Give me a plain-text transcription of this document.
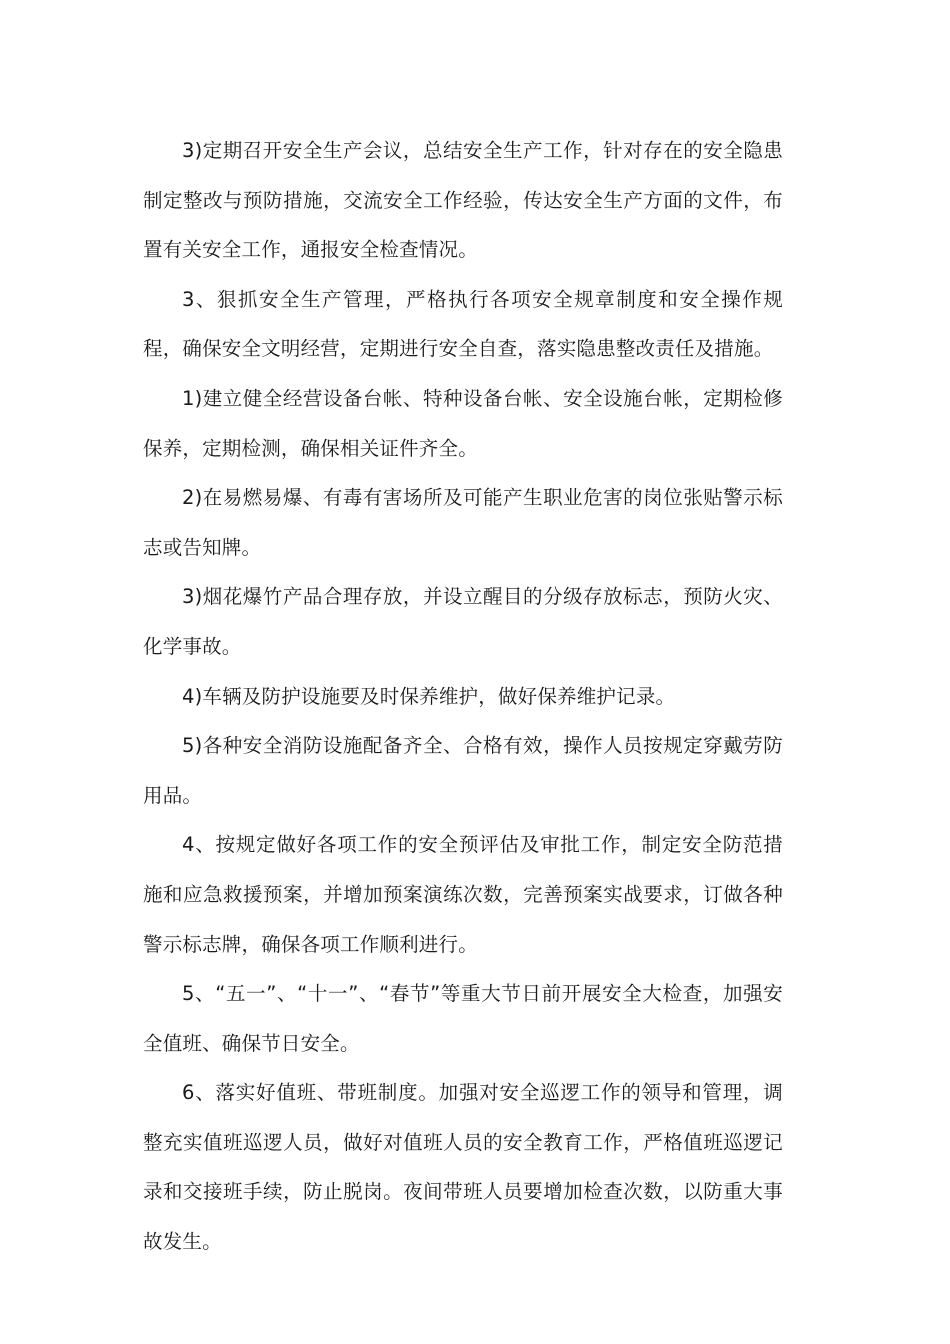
3)定期召开安全生产会议，总结安全生产工作，针对存在的安全隐患制定整改与预防措施，交流安全工作经验，传达安全生产方面的文件，布置有关安全工作，通报安全检查情况。

3、狠抓安全生产管理，严格执行各项安全规章制度和安全操作规程，确保安全文明经营，定期进行安全自查，落实隐患整改责任及措施。

1)建立健全经营设备台帐、特种设备台帐、安全设施台帐，定期检修保养，定期检测，确保相关证件齐全。

2)在易燃易爆、有毒有害场所及可能产生职业危害的岗位张贴警示标志或告知牌。

3)烟花爆竹产品合理存放，并设立醒目的分级存放标志，预防火灾、化学事故。

4)车辆及防护设施要及时保养维护，做好保养维护记录。

5)各种安全消防设施配备齐全、合格有效，操作人员按规定穿戴劳防用品。

4、按规定做好各项工作的安全预评估及审批工作，制定安全防范措施和应急救援预案，并增加预案演练次数，完善预案实战要求，订做各种警示标志牌，确保各项工作顺利进行。

5、“五一”、“十一”、“春节”等重大节日前开展安全大检查，加强安全值班、确保节日安全。

6、落实好值班、带班制度。加强对安全巡逻工作的领导和管理，调整充实值班巡逻人员，做好对值班人员的安全教育工作，严格值班巡逻记录和交接班手续，防止脱岗。夜间带班人员要增加检查次数，以防重大事故发生。
